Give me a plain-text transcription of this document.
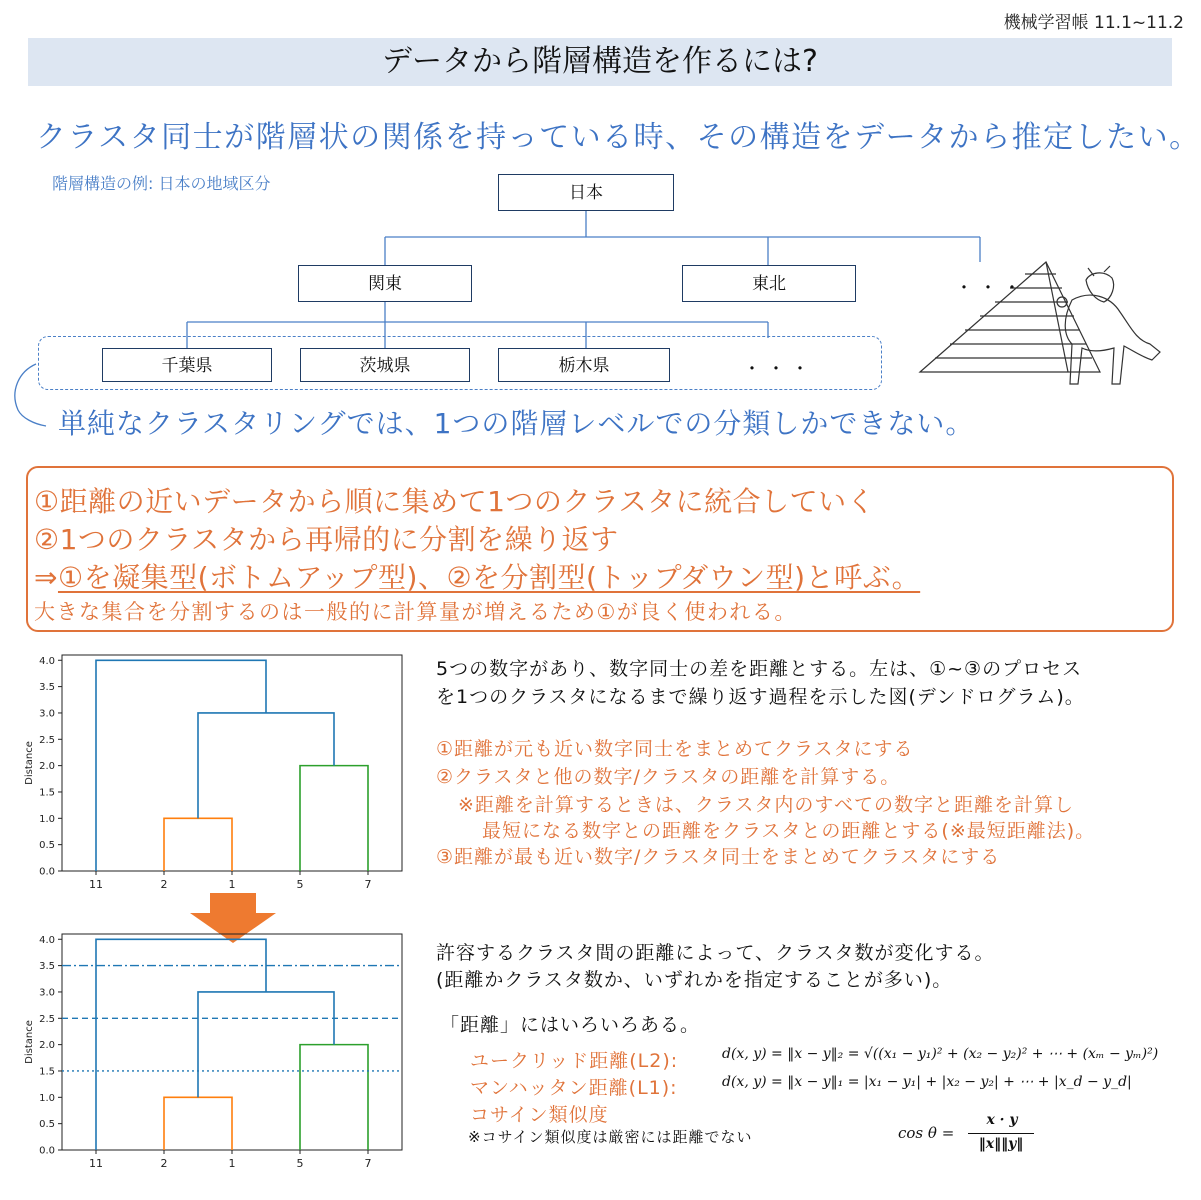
機械学習帳 11.1~11.2
データから階層構造を作るには?
クラスタ同士が階層状の関係を持っている時、その構造をデータから推定したい。
階層構造の例: 日本の地域区分	日本
関東	東北	・・・
千葉県	茨城県	栃木県	・・・
単純なクラスタリングでは、1つの階層レベルでの分類しかできない。
①距離の近いデータから順に集めて1つのクラスタに統合していく
②1つのクラスタから再帰的に分割を繰り返す
⇒①を凝集型(ボトムアップ型)、②を分割型(トップダウン型)と呼ぶ。
大きな集合を分割するのは一般的に計算量が増えるため①が良く使われる。
0.0
0.5
1.0
1.5
2.0
2.5
3.0
3.5
4.0
Distance
11	2	1	5	7
0.0
0.5
1.0
1.5
2.0
2.5
3.0
3.5
4.0
Distance
11	2	1	5	7
5つの数字があり、数字同士の差を距離とする。左は、①~③のプロセス
を1つのクラスタになるまで繰り返す過程を示した図(デンドログラム)。
①距離が元も近い数字同士をまとめてクラスタにする
②クラスタと他の数字/クラスタの距離を計算する。
※距離を計算するときは、クラスタ内のすべての数字と距離を計算し
最短になる数字との距離をクラスタとの距離とする(※最短距離法)。
③距離が最も近い数字/クラスタ同士をまとめてクラスタにする
許容するクラスタ間の距離によって、クラスタ数が変化する。
(距離かクラスタ数か、いずれかを指定することが多い)。
「距離」にはいろいろある。
ユークリッド距離(L2):
マンハッタン距離(L1):
コサイン類似度
※コサイン類似度は厳密には距離でない
d(x, y) = ‖x − y‖₂ = √((x₁ − y₁)² + (x₂ − y₂)² + ⋯ + (xₘ − yₘ)²)
d(x, y) = ‖x − y‖₁ = |x₁ − y₁| + |x₂ − y₂| + ⋯ + |x_d − y_d|
cos θ =
x · y
‖x‖‖y‖
